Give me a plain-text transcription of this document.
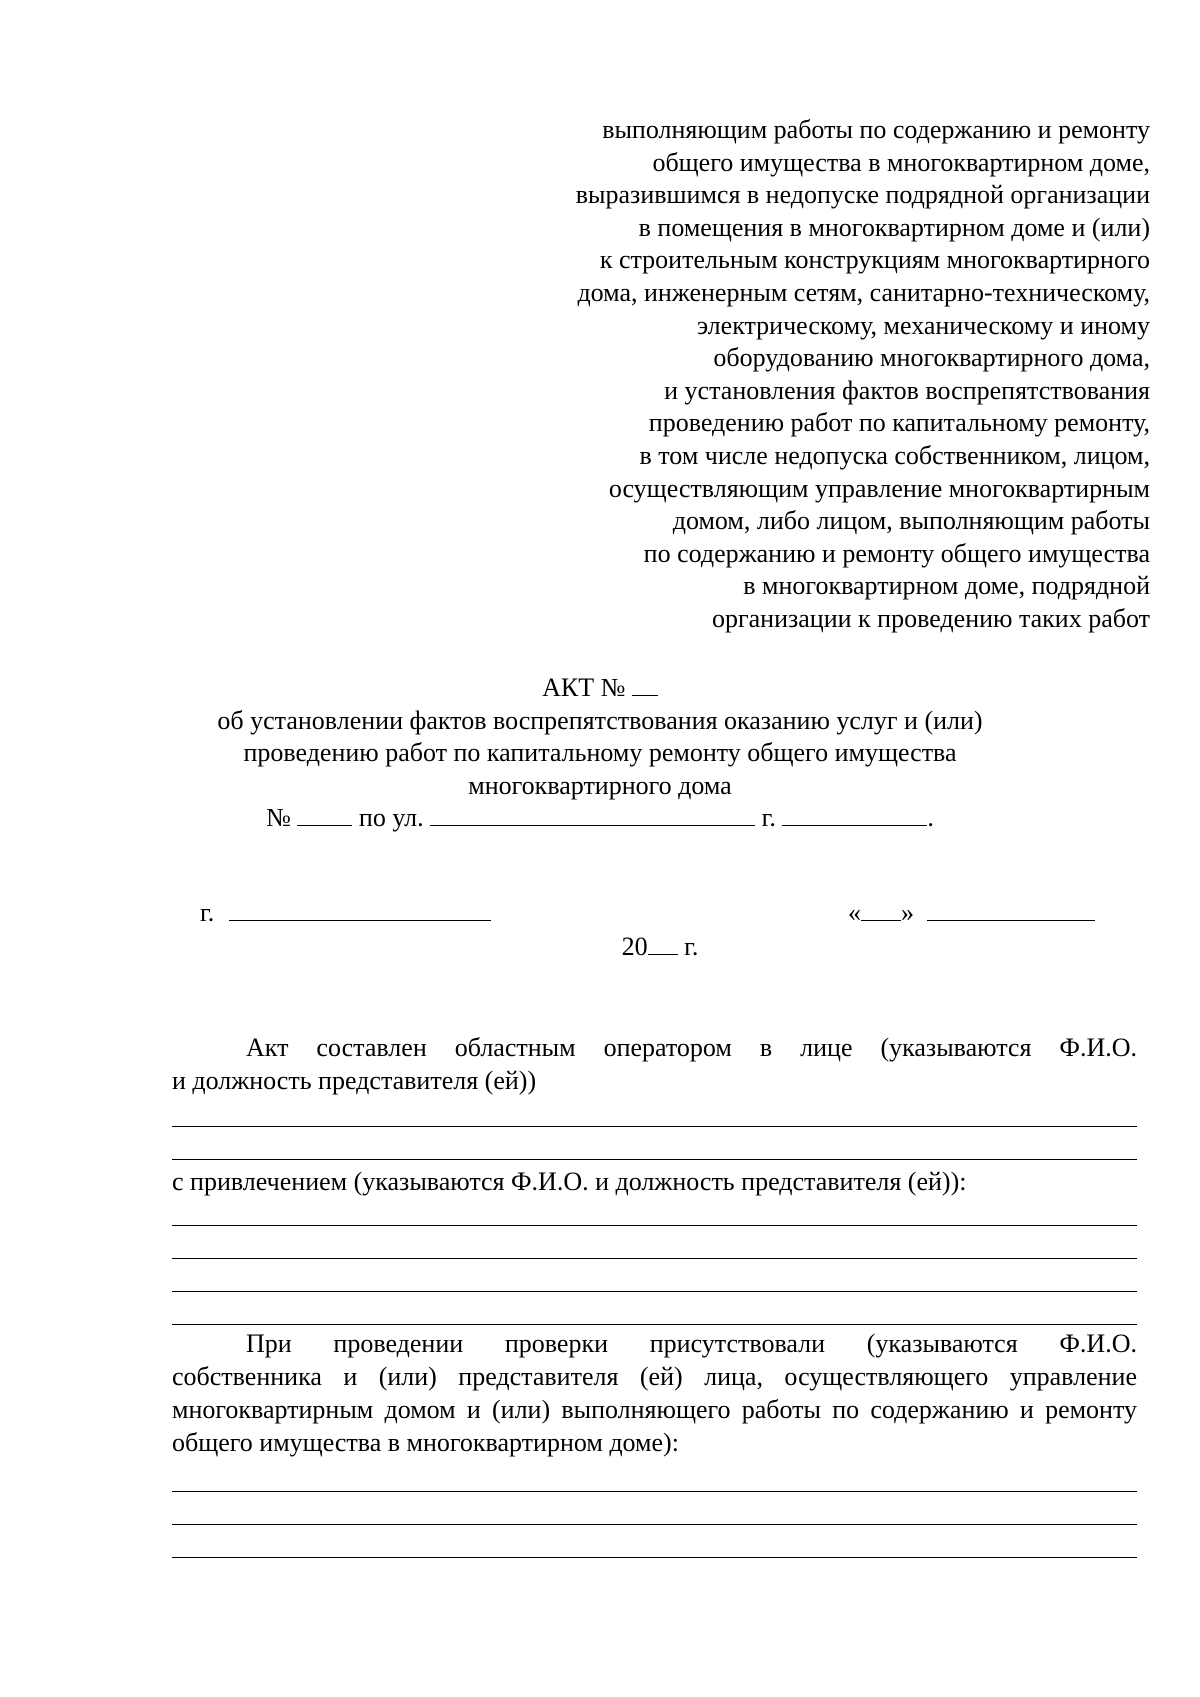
выполняющим работы по содержанию и ремонту
общего имущества в многоквартирном доме,
выразившимся в недопуске подрядной организации
в помещения в многоквартирном доме и (или)
к строительным конструкциям многоквартирного
дома, инженерным сетям, санитарно-техническому,
электрическому, механическому и иному
оборудованию многоквартирного дома,
и установления фактов воспрепятствования
проведению работ по капитальному ремонту,
в том числе недопуска собственником, лицом,
осуществляющим управление многоквартирным
домом, либо лицом, выполняющим работы
по содержанию и ремонту общего имущества
в многоквартирном доме, подрядной
организации к проведению таких работ
АКТ №
об установлении фактов воспрепятствования оказанию услуг и (или)
проведению работ по капитальному ремонту общего имущества
многоквартирного дома
№	по ул.	г.	.
г.	« »
20 г.
Акт составлен областным оператором в лице (указываются Ф.И.О.
и должность представителя (ей))
с привлечением (указываются Ф.И.О. и должность представителя (ей)):
При проведении проверки присутствовали (указываются Ф.И.О.
собственника и (или) представителя (ей) лица, осуществляющего управление многоквартирным домом и (или) выполняющего работы по содержанию и ремонту общего имущества в многоквартирном доме):
